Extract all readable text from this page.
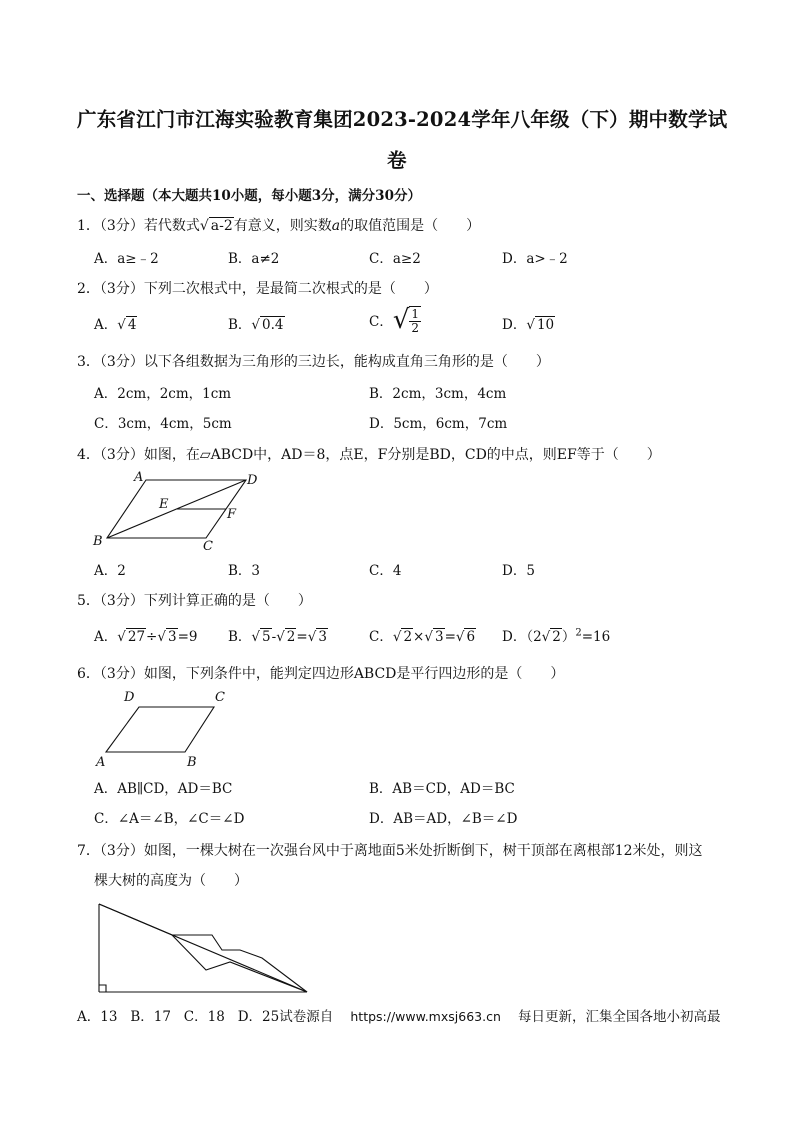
广东省江门市江海实验教育集团2023-2024学年八年级（下）期中数学试
卷
一、选择题（本大题共10小题，每小题3分，满分30分）
1．（3分）若代数式√ a-2有意义，则实数a的取值范围是（　　）
A．a≥﹣2	B．a≠2	C．a≥2	D．a>﹣2
2．（3分）下列二次根式中，是最简二次根式的是（　　）
A．√ 4	B．√ 0.4	C．√ $\frac{1}{2}$	D．√ 10
3．（3分）以下各组数据为三角形的三边长，能构成直角三角形的是（　　）
A．2cm，2cm，1cm	B．2cm，3cm，4cm
C．3cm，4cm，5cm	D．5cm，6cm，7cm
4．（3分）如图，在▱ABCD中，AD＝8，点E，F分别是BD，CD的中点，则EF等于（　　）
A	D
E
F
B	C
A．2	B．3	C．4	D．5
5．（3分）下列计算正确的是（　　）
A．√ 27÷√ 3=9 B．√ 5-√ 2=√ 3	C．√ 2×√ 3=√ 6 D．（2√ 2）$^2$=16
6．（3分）如图，下列条件中，能判定四边形ABCD是平行四边形的是（　　）
D	C
A	B
A．AB∥CD，AD＝BC	B．AB＝CD，AD＝BC
C．∠A＝∠B，∠C＝∠D	D．AB＝AD，∠B＝∠D
7．（3分）如图，一棵大树在一次强台风中于离地面5米处折断倒下，树干顶部在离根部12米处，则这
棵大树的高度为（　　）
A．13 B．17 C．18 D．25试卷源自 https://www.mxsj663.cn 每日更新，汇集全国各地小初高最
